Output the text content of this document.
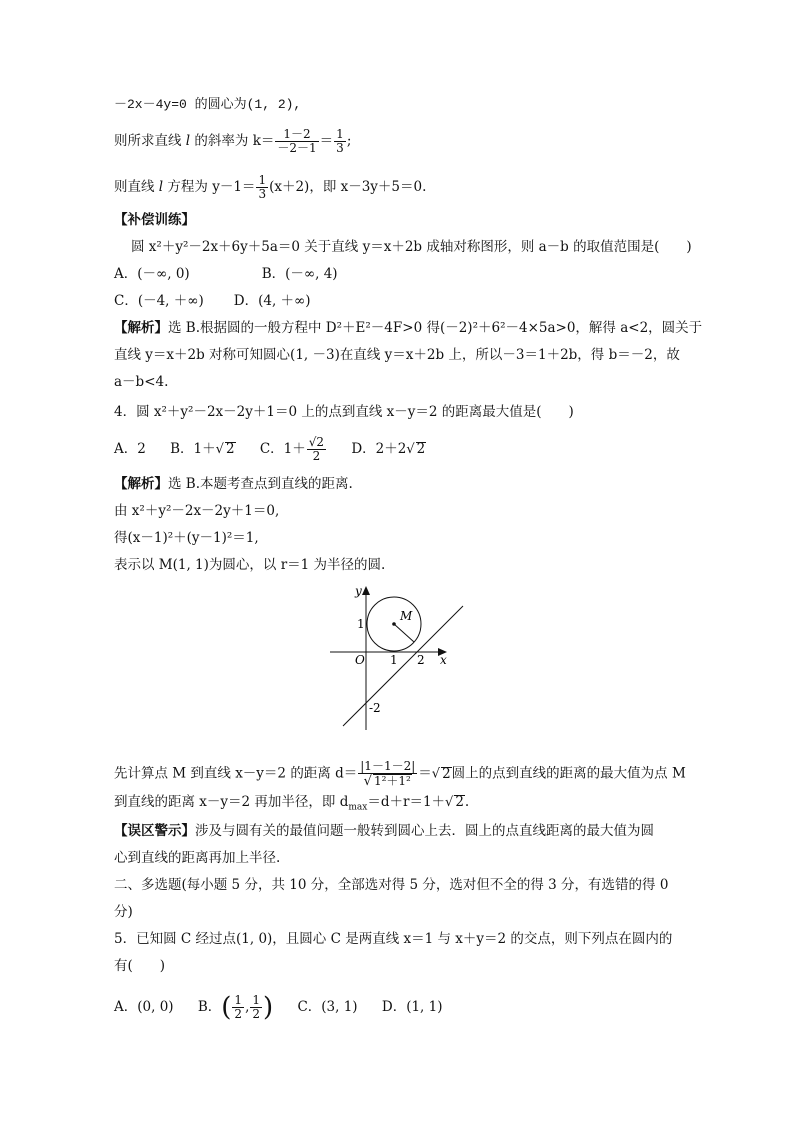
－2x－4y=0 的圆心为(1, 2),
则所求直线 l 的斜率为 $k= \frac{1-2}{-2-1} = \frac{1}{3}$ ;
则直线 l 方程为 $y-1= \frac{1}{3} (x+2)$，即 x－3y＋5＝0.
【补偿训练】
圆 x²＋y²－2x＋6y＋5a＝0 关于直线 y＝x＋2b 成轴对称图形，则 a－b 的取值范围是(　　)
A．(－∞, 0)	B．(－∞, 4)
C．(－4, ＋∞) D．(4, ＋∞)
【解析】选 B.根据圆的一般方程中 D²＋E²－4F>0 得(－2)²＋6²－4×5a>0，解得 a<2，圆关于
直线 y＝x＋2b 对称可知圆心(1, －3)在直线 y＝x＋2b 上，所以－3＝1＋2b，得 b＝－2，故
a－b<4.
4．圆 x²＋y²－2x－2y＋1＝0 上的点到直线 x－y＝2 的距离最大值是(　　)
A．2 B．1＋√ 2 C．$1+ \frac{√2}{2}$ D．2＋2√ 2
【解析】选 B.本题考查点到直线的距离.
由 x²＋y²－2x－2y＋1＝0,
得(x－1)²＋(y－1)²＝1,
表示以 M(1, 1)为圆心，以 r＝1 为半径的圆.
y
x
O
1
1 2
M
-2
先计算点 M 到直线 x－y＝2 的距离 $d= \frac{|1-1-2|}{\text{√ 1²＋1²}}$ ＝√ 2圆上的点到直线的距离的最大值为点 M
到直线的距离 x－y＝2 再加半径，即 $d_{max}=d+r=1+√$ 2.
【误区警示】涉及与圆有关的最值问题一般转到圆心上去．圆上的点直线距离的最大值为圆
心到直线的距离再加上半径.
二、多选题(每小题 5 分，共 10 分，全部选对得 5 分，选对但不全的得 3 分，有选错的得 0
分)
5．已知圆 C 经过点(1, 0)，且圆心 C 是两直线 x＝1 与 x＋y＝2 的交点，则下列点在圆内的
有(　　)
A．(0, 0) B．( $\frac{1}{2}$ , $\frac{1}{2}$ ) C．(3, 1) D．(1, 1)
